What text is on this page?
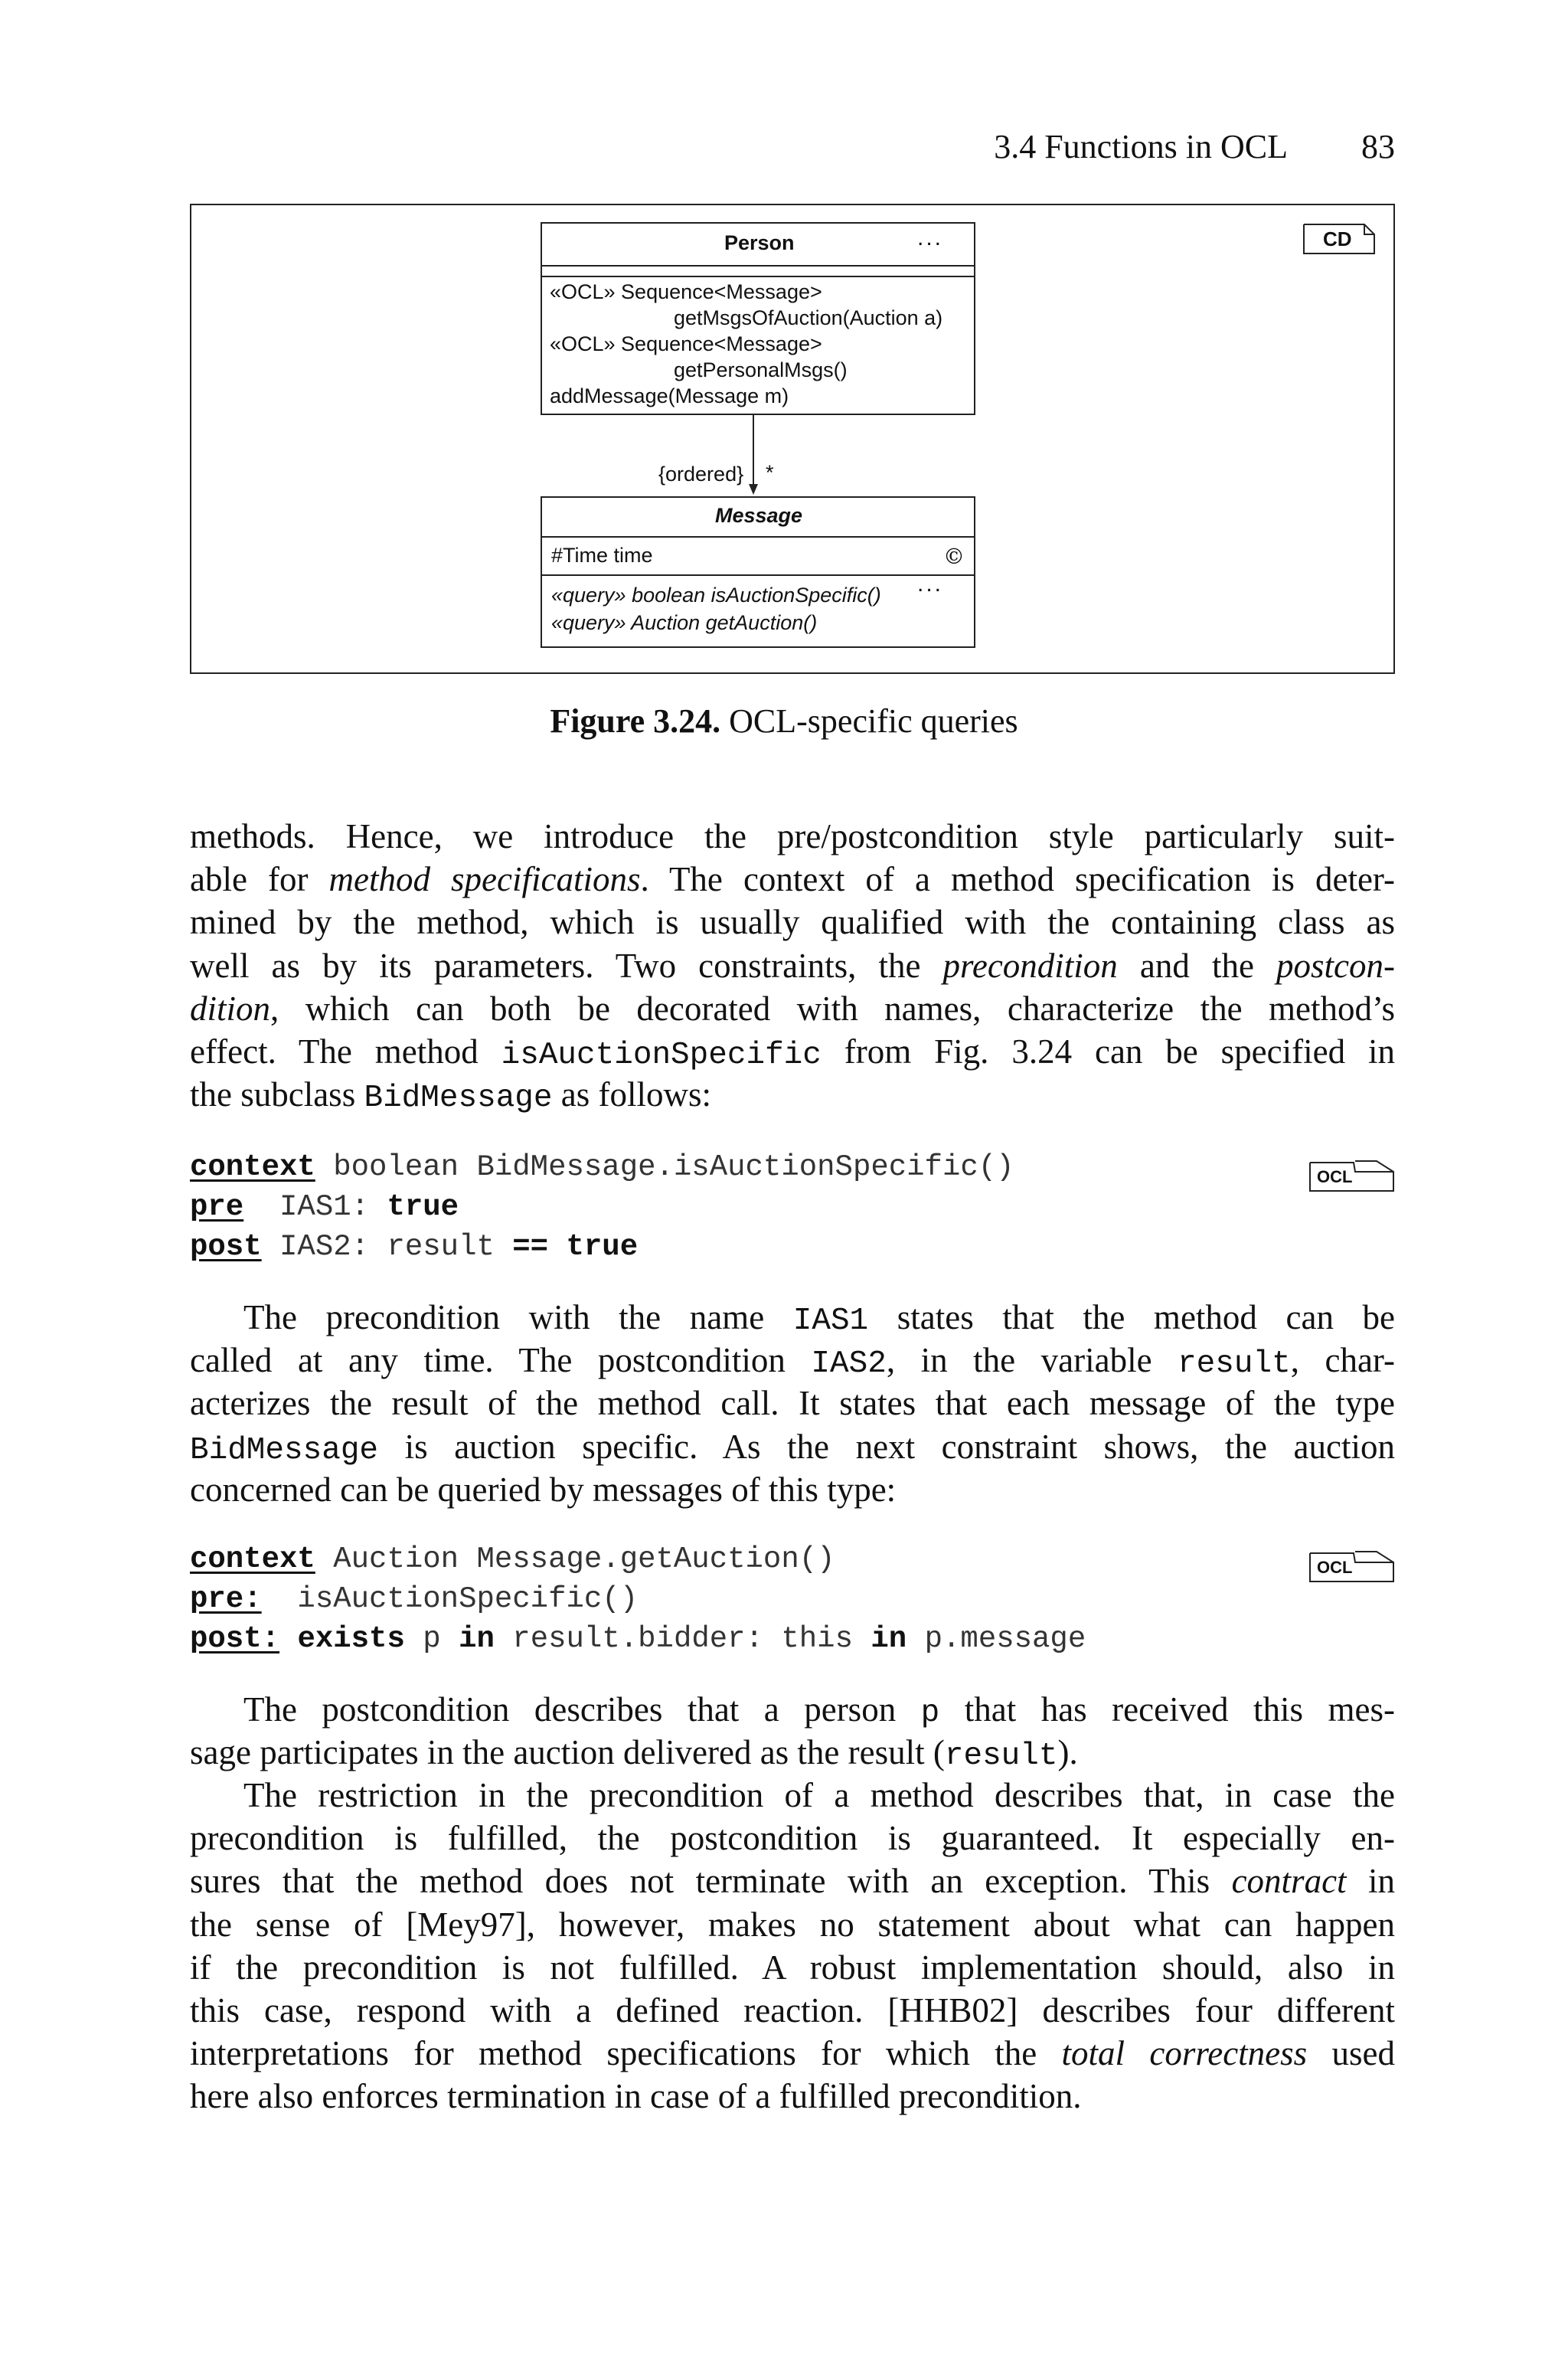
3.4 Functions in OCL 83
CD
Person	...
«OCL» Sequence<Message>
getMsgsOfAuction(Auction a)
«OCL» Sequence<Message>
getPersonalMsgs()
addMessage(Message m)
{ordered} *
Message
#Time time	©
«query» boolean isAuctionSpecific() ...
«query» Auction getAuction()
Figure 3.24. OCL-specific queries
methods. Hence, we introduce the pre/postcondition style particularly suit-
able for method specifications. The context of a method specification is deter-
mined by the method, which is usually qualified with the containing class as
well as by its parameters. Two constraints, the precondition and the postcon-
dition, which can both be decorated with names, characterize the method’s
effect. The method isAuctionSpecific from Fig. 3.24 can be specified in
the subclass BidMessage as follows:
context boolean BidMessage.isAuctionSpecific()
pre  IAS1: true
post IAS2: result == true
OCL
The precondition with the name IAS1 states that the method can be
called at any time. The postcondition IAS2, in the variable result, char-
acterizes the result of the method call. It states that each message of the type
BidMessage is auction specific. As the next constraint shows, the auction
concerned can be queried by messages of this type:
context Auction Message.getAuction()
pre:  isAuctionSpecific()
post: exists p in result.bidder: this in p.message
OCL
The postcondition describes that a person p that has received this mes-
sage participates in the auction delivered as the result (result).
The restriction in the precondition of a method describes that, in case the
precondition is fulfilled, the postcondition is guaranteed. It especially en-
sures that the method does not terminate with an exception. This contract in
the sense of [Mey97], however, makes no statement about what can happen
if the precondition is not fulfilled. A robust implementation should, also in
this case, respond with a defined reaction. [HHB02] describes four different
interpretations for method specifications for which the total correctness used
here also enforces termination in case of a fulfilled precondition.
